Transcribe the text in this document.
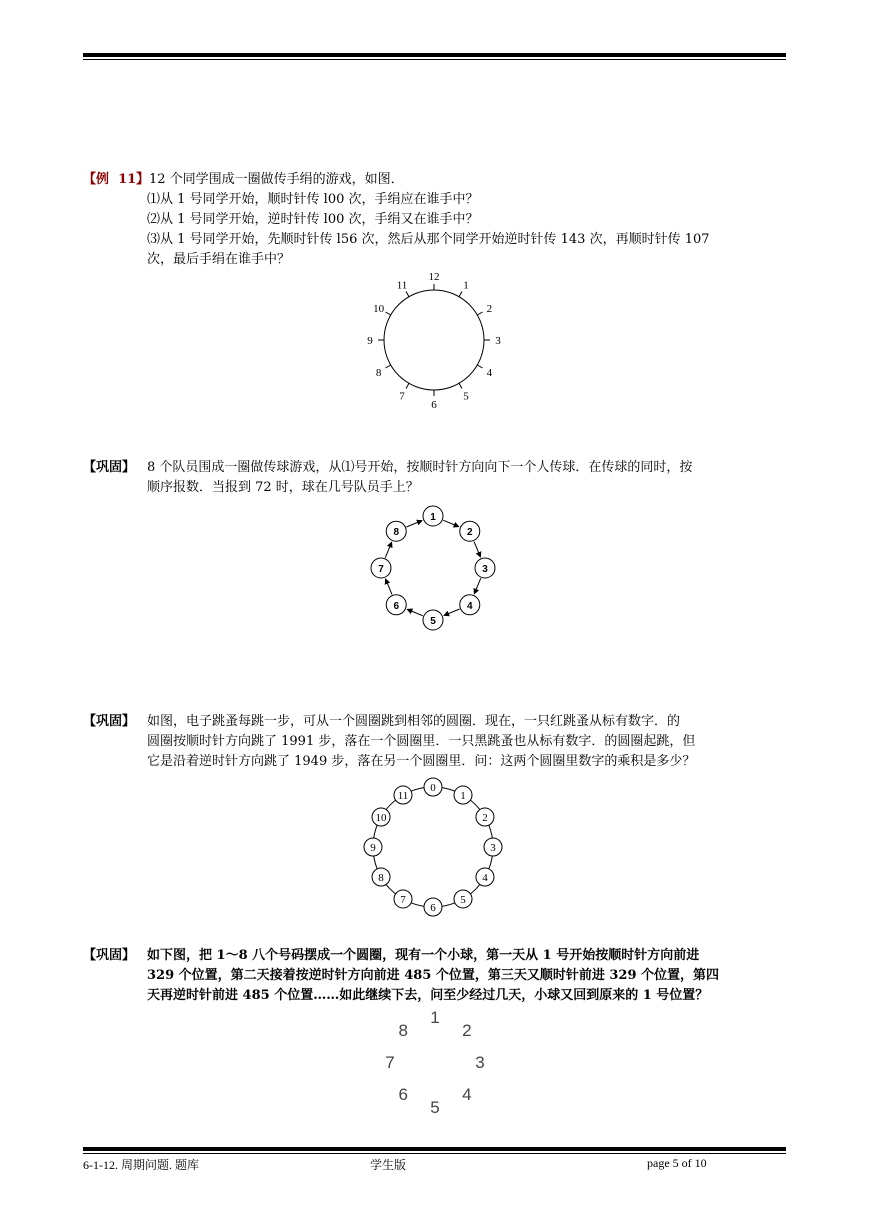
【例 11】 12 个同学围成一圈做传手绢的游戏，如图．
⑴从 1 号同学开始，顺时针传 l00 次，手绢应在谁手中？
⑵从 1 号同学开始，逆时针传 l00 次，手绢又在谁手中？
⑶从 1 号同学开始，先顺时针传 l56 次，然后从那个同学开始逆时针传 143 次，再顺时针传 107
次，最后手绢在谁手中？
12
1
2
3
4
5
6
7
8
9
10
11
【巩固】 8 个队员围成一圈做传球游戏，从⑴号开始，按顺时针方向向下一个人传球．在传球的同时，按
顺序报数．当报到 72 时，球在几号队员手上？
1
2
3
4
5
6
7
8
【巩固】 如图，电子跳蚤每跳一步，可从一个圆圈跳到相邻的圆圈．现在，一只红跳蚤从标有数字．的
圆圈按顺时针方向跳了 1991 步，落在一个圆圈里．一只黑跳蚤也从标有数字．的圆圈起跳，但
它是沿着逆时针方向跳了 1949 步，落在另一个圆圈里．问：这两个圆圈里数字的乘积是多少？
0
1
2
3
4
5
6
7
8
9
10
11
【巩固】 如下图，把 1～8 八个号码摆成一个圆圈，现有一个小球，第一天从 1 号开始按顺时针方向前进
329 个位置，第二天接着按逆时针方向前进 485 个位置，第三天又顺时针前进 329 个位置，第四
天再逆时针前进 485 个位置……如此继续下去，问至少经过几天，小球又回到原来的 1 号位置？
1
2
3
4
5
6
7
8
6-1-12. 周期问题. 题库	学生版	page 5 of 10
